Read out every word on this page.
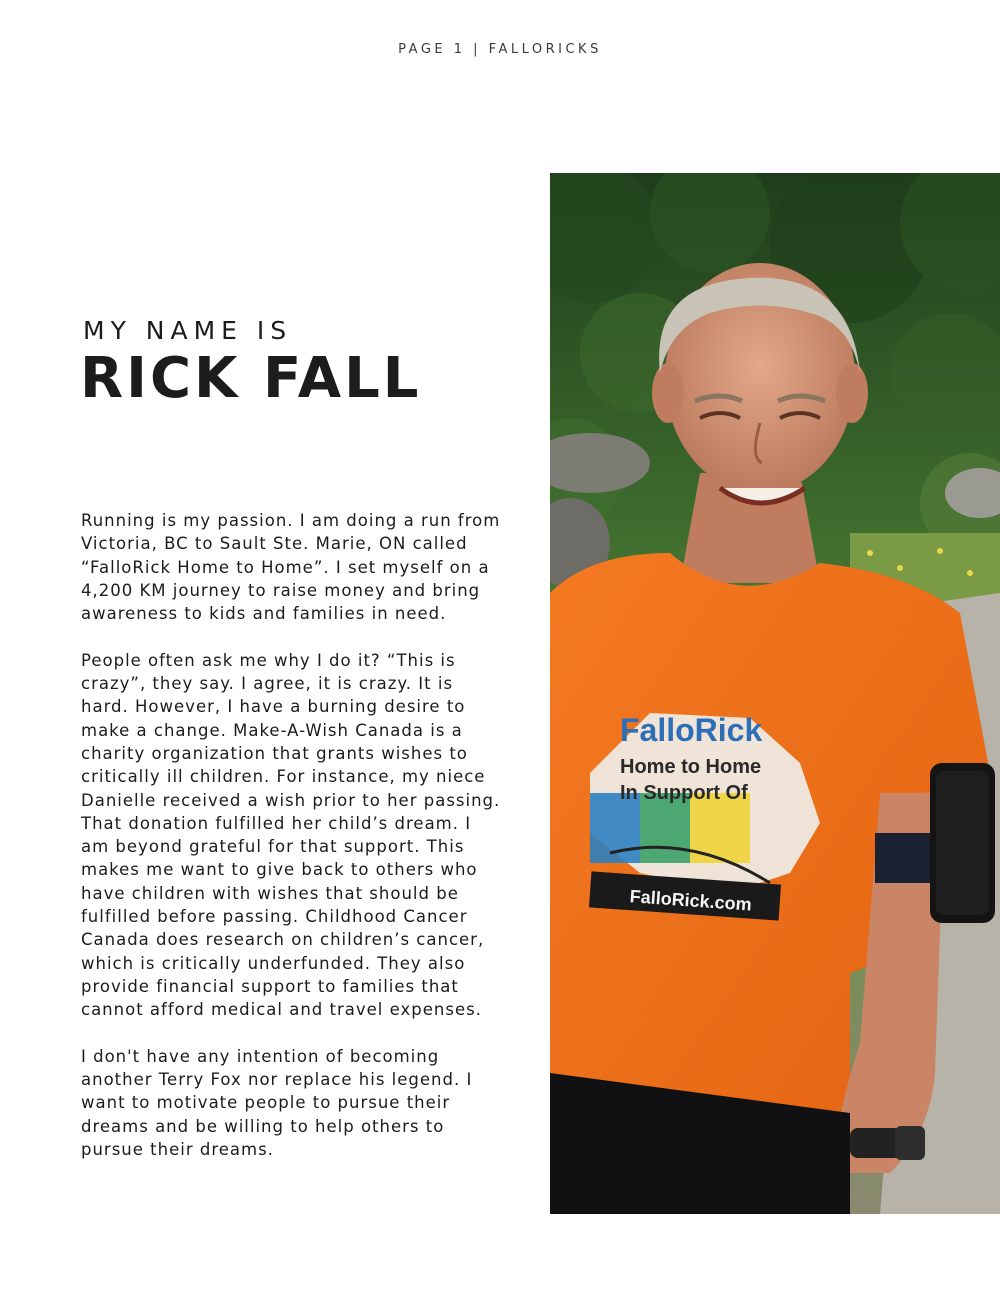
PAGE 1 | FALLORICKS
MY NAME IS
RICK FALL

Running is my passion. I am doing a run from Victoria, BC to Sault Ste. Marie, ON called “FalloRick Home to Home”. I set myself on a 4,200 KM journey to raise money and bring awareness to kids and families in need.

People often ask me why I do it? “This is crazy”, they say. I agree, it is crazy. It is hard. However, I have a burning desire to make a change. Make-A-Wish Canada is a charity organization that grants wishes to critically ill children. For instance, my niece Danielle received a wish prior to her passing. That donation fulfilled her child’s dream. I am beyond grateful for that support. This makes me want to give back to others who have children with wishes that should be fulfilled before passing. Childhood Cancer Canada does research on children’s cancer, which is critically underfunded. They also provide financial support to families that cannot afford medical and travel expenses.

I don't have any intention of becoming another Terry Fox nor replace his legend. I want to motivate people to pursue their dreams and be willing to help others to pursue their dreams.

FalloRick
Home to Home
In Support Of
FalloRick.com
